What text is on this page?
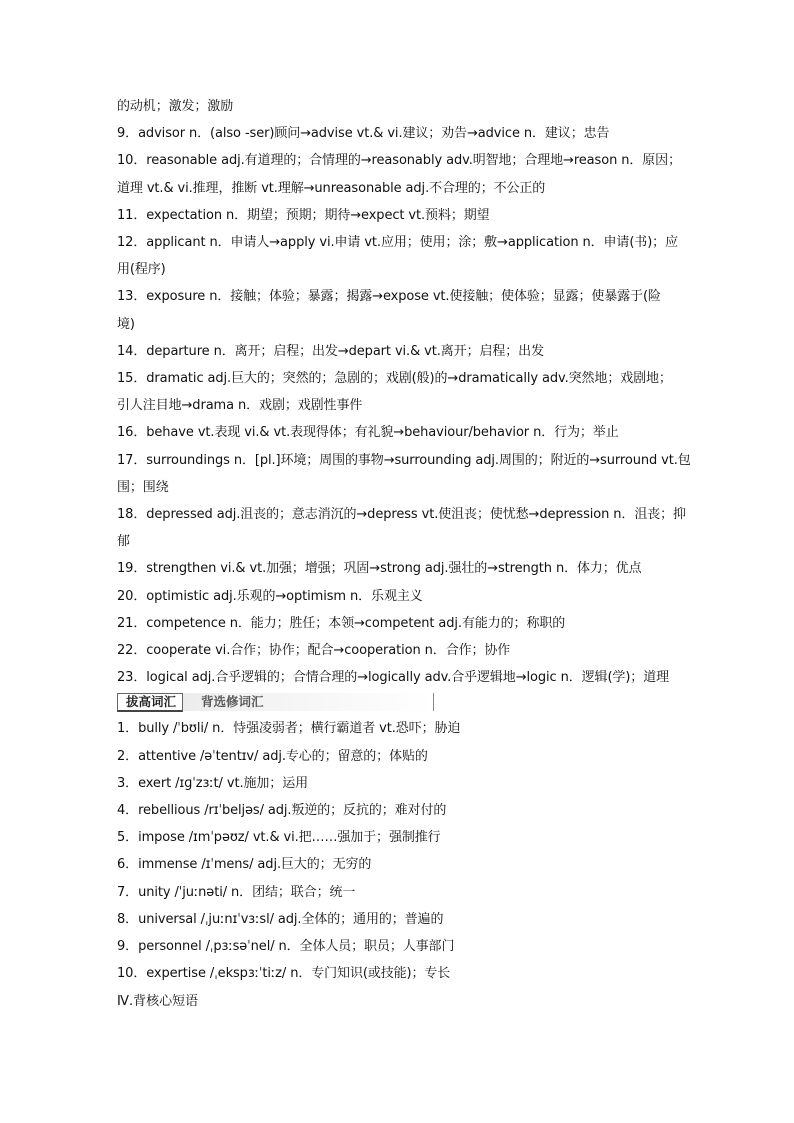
的动机；激发；激励
9．advisor n．(also -ser)顾问→advise vt.& vi.建议；劝告→advice n．建议；忠告
10．reasonable adj.有道理的；合情理的→reasonably adv.明智地；合理地→reason n．原因；
道理 vt.& vi.推理，推断 vt.理解→unreasonable adj.不合理的；不公正的
11．expectation n．期望；预期；期待→expect vt.预料；期望
12．applicant n．申请人→apply vi.申请 vt.应用；使用；涂；敷→application n．申请(书)；应
用(程序)
13．exposure n．接触；体验；暴露；揭露→expose vt.使接触；使体验；显露；使暴露于(险
境)
14．departure n．离开；启程；出发→depart vi.& vt.离开；启程；出发
15．dramatic adj.巨大的；突然的；急剧的；戏剧(般)的→dramatically adv.突然地；戏剧地；
引人注目地→drama n．戏剧；戏剧性事件
16．behave vt.表现 vi.& vt.表现得体；有礼貌→behaviour/behavior n．行为；举止
17．surroundings n．[pl.]环境；周围的事物→surrounding adj.周围的；附近的→surround vt.包
围；围绕
18．depressed adj.沮丧的；意志消沉的→depress vt.使沮丧；使忧愁→depression n．沮丧；抑
郁
19．strengthen vi.& vt.加强；增强；巩固→strong adj.强壮的→strength n．体力；优点
20．optimistic adj.乐观的→optimism n．乐观主义
21．competence n．能力；胜任；本领→competent adj.有能力的；称职的
22．cooperate vi.合作；协作；配合→cooperation n．合作；协作
23．logical adj.合乎逻辑的；合情合理的→logically adv.合乎逻辑地→logic n．逻辑(学)；道理
拔高词汇	背选修词汇
1．bully /ˈbʊli/ n．恃强凌弱者；横行霸道者 vt.恐吓；胁迫
2．attentive /əˈtentɪv/ adj.专心的；留意的；体贴的
3．exert /ɪɡˈzɜːt/ vt.施加；运用
4．rebellious /rɪˈbeljəs/ adj.叛逆的；反抗的；难对付的
5．impose /ɪmˈpəʊz/ vt.& vi.把……强加于；强制推行
6．immense /ɪˈmens/ adj.巨大的；无穷的
7．unity /ˈjuːnəti/ n．团结；联合；统一
8．universal /ˌjuːnɪˈvɜːsl/ adj.全体的；通用的；普遍的
9．personnel /ˌpɜːsəˈnel/ n．全体人员；职员；人事部门
10．expertise /ˌekspɜːˈtiːz/ n．专门知识(或技能)；专长
Ⅳ.背核心短语
